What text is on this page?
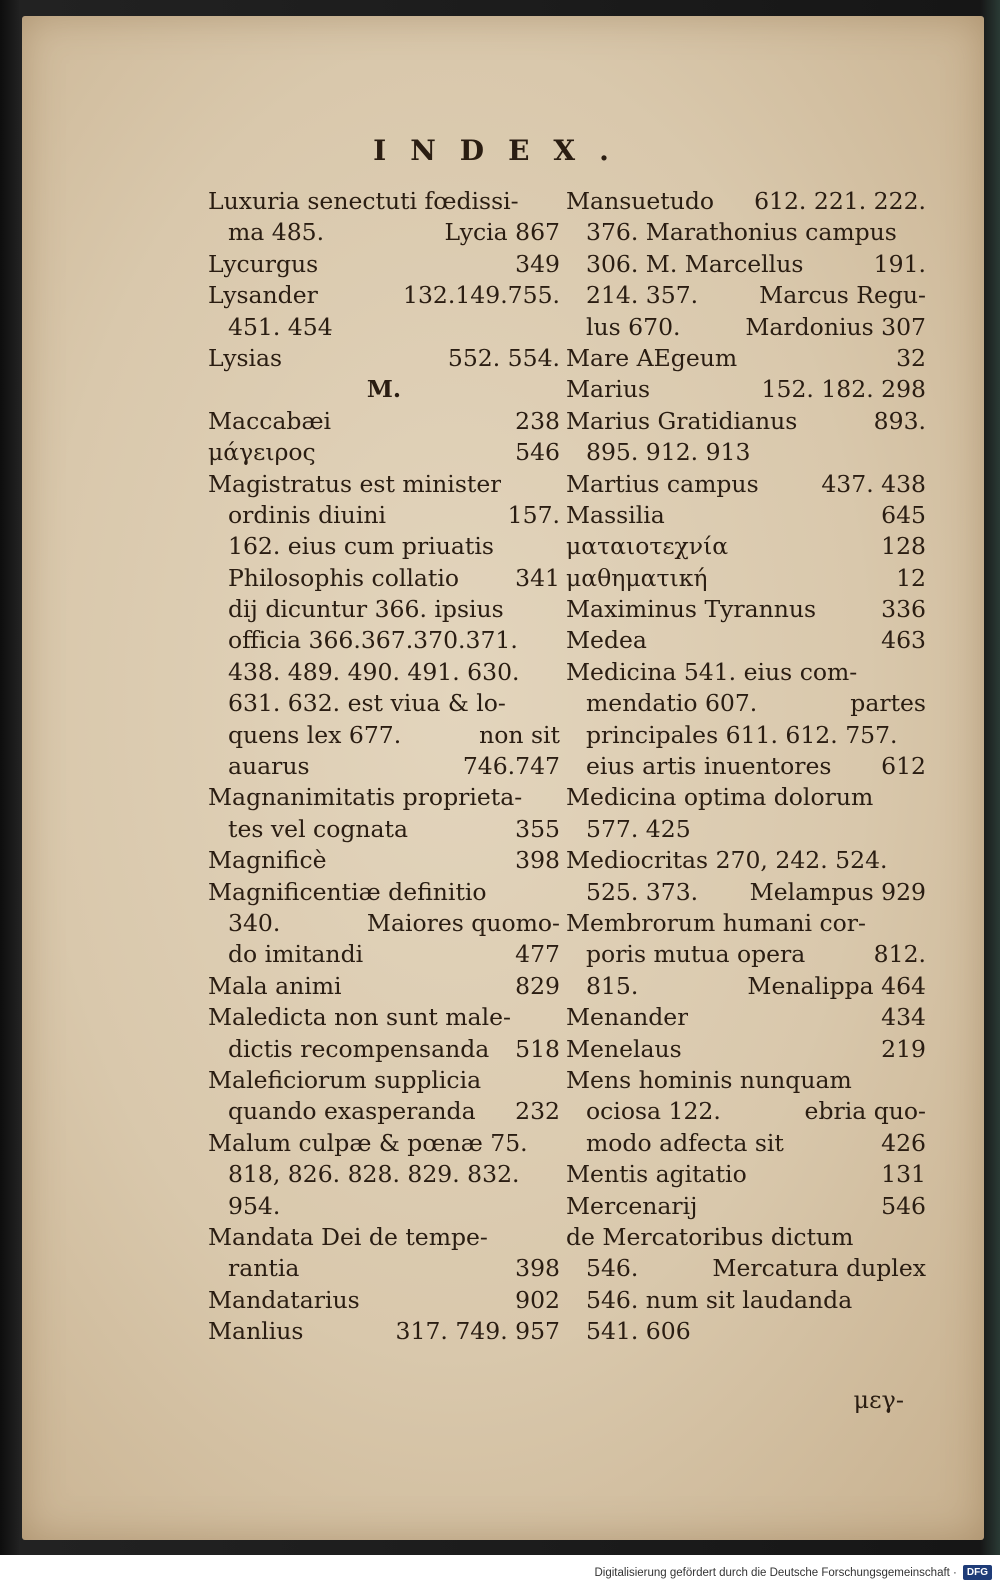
INDEX.
Luxuria senectuti fœdissi-
ma 485.	Lycia 867
Lycurgus	349
Lysander	132.149.755.
451. 454
Lysias	552. 554.
M.
Maccabæi	238
μάγειρος	546
Magistratus est minister
ordinis diuini	157.
162. eius cum priuatis
Philosophis collatio	341
dij dicuntur 366. ipsius
officia 366.367.370.371.
438. 489. 490. 491. 630.
631. 632. est viua & lo-
quens lex 677.	non sit
auarus	746.747
Magnanimitatis proprieta-
tes vel cognata	355
Magnificè	398
Magnificentiæ definitio
340.	Maiores quomo-
do imitandi	477
Mala animi	829
Maledicta non sunt male-
dictis recompensanda	518
Maleficiorum supplicia
quando exasperanda	232
Malum culpæ & pœnæ 75.
818, 826. 828. 829. 832.
954.
Mandata Dei de tempe-
rantia	398
Mandatarius	902
Manlius	317. 749. 957
Mansuetudo	612. 221. 222.
376. Marathonius campus
306. M. Marcellus	191.
214. 357.	Marcus Regu-
lus 670.	Mardonius 307
Mare AEgeum	32
Marius	152. 182. 298
Marius Gratidianus	893.
895. 912. 913
Martius campus	437. 438
Massilia	645
ματαιοτεχνία	128
μαθηματική	12
Maximinus Tyrannus	336
Medea	463
Medicina 541. eius com-
mendatio 607.	partes
principales 611. 612. 757.
eius artis inuentores	612
Medicina optima dolorum
577. 425
Mediocritas 270, 242. 524.
525. 373.	Melampus 929
Membrorum humani cor-
poris mutua opera	812.
815.	Menalippa 464
Menander	434
Menelaus	219
Mens hominis nunquam
ociosa 122.	ebria quo-
modo adfecta sit	426
Mentis agitatio	131
Mercenarij	546
de Mercatoribus dictum
546.	Mercatura duplex
546. num sit laudanda
541. 606
μεγ-
Digitalisierung gefördert durch die Deutsche Forschungsgemeinschaft ·	DFG
